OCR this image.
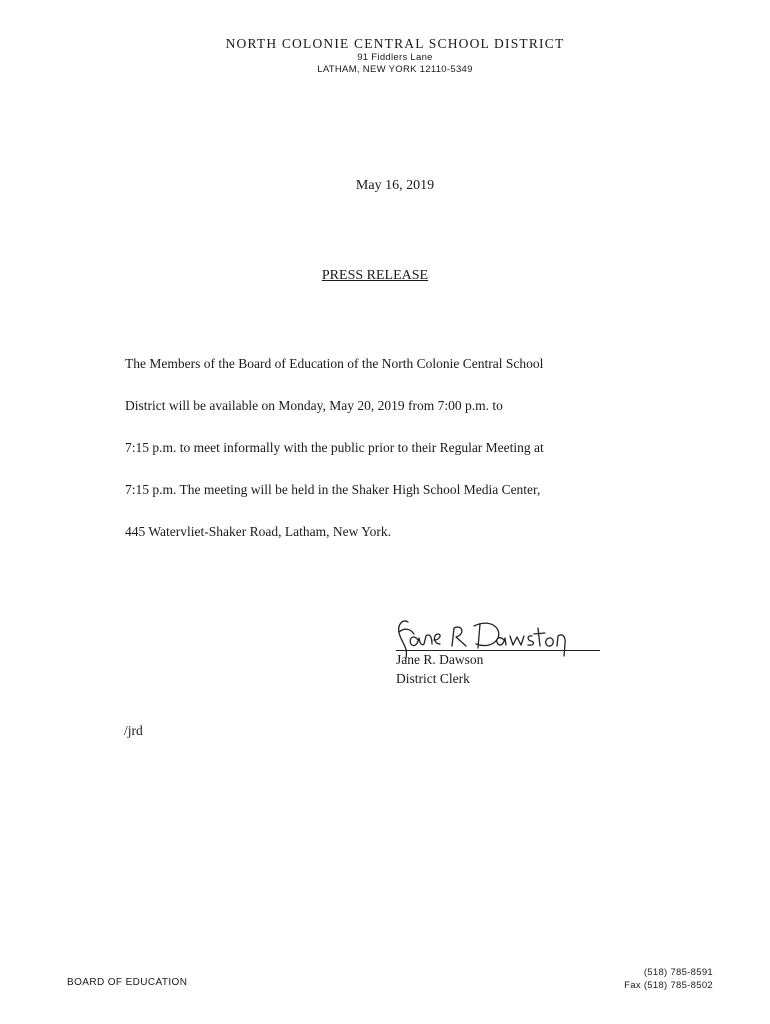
NORTH COLONIE CENTRAL SCHOOL DISTRICT
91 Fiddlers Lane
LATHAM, NEW YORK 12110-5349
May 16, 2019
PRESS RELEASE
The Members of the Board of Education of the North Colonie Central School
District will be available on Monday, May 20, 2019 from 7:00 p.m. to
7:15 p.m. to meet informally with the public prior to their Regular Meeting at
7:15 p.m. The meeting will be held in the Shaker High School Media Center,
445 Watervliet-Shaker Road, Latham, New York.
Jane R. Dawson
District Clerk
/jrd
BOARD OF EDUCATION
(518) 785-8591
Fax (518) 785-8502
